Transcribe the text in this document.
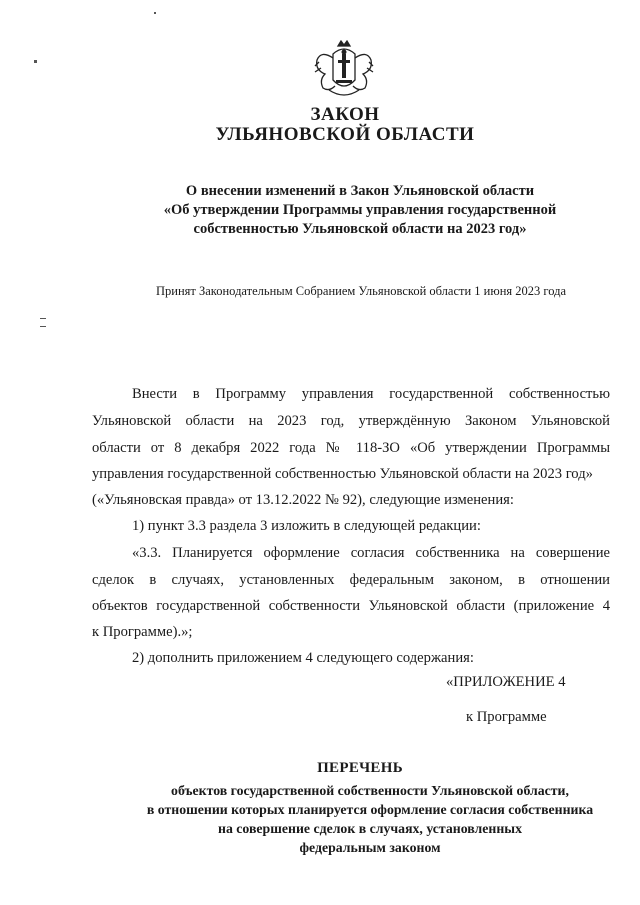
ЗАКОН
УЛЬЯНОВСКОЙ ОБЛАСТИ
О внесении изменений в Закон Ульяновской области
«Об утверждении Программы управления государственной
собственностью Ульяновской области на 2023 год»
Принят Законодательным Собранием Ульяновской области 1 июня 2023 года
Внести в Программу управления государственной собственностью
Ульяновской области на 2023 год, утверждённую Законом Ульяновской
области от 8 декабря 2022 года № 118-ЗО «Об утверждении Программы
управления государственной собственностью Ульяновской области на 2023 год»
(«Ульяновская правда» от 13.12.2022 № 92), следующие изменения:
1) пункт 3.3 раздела 3 изложить в следующей редакции:
«3.3. Планируется оформление согласия собственника на совершение
сделок в случаях, установленных федеральным законом, в отношении
объектов государственной собственности Ульяновской области (приложение 4
к Программе).»;
2) дополнить приложением 4 следующего содержания:
«ПРИЛОЖЕНИЕ 4
к Программе
ПЕРЕЧЕНЬ
объектов государственной собственности Ульяновской области,
в отношении которых планируется оформление согласия собственника
на совершение сделок в случаях, установленных
федеральным законом
